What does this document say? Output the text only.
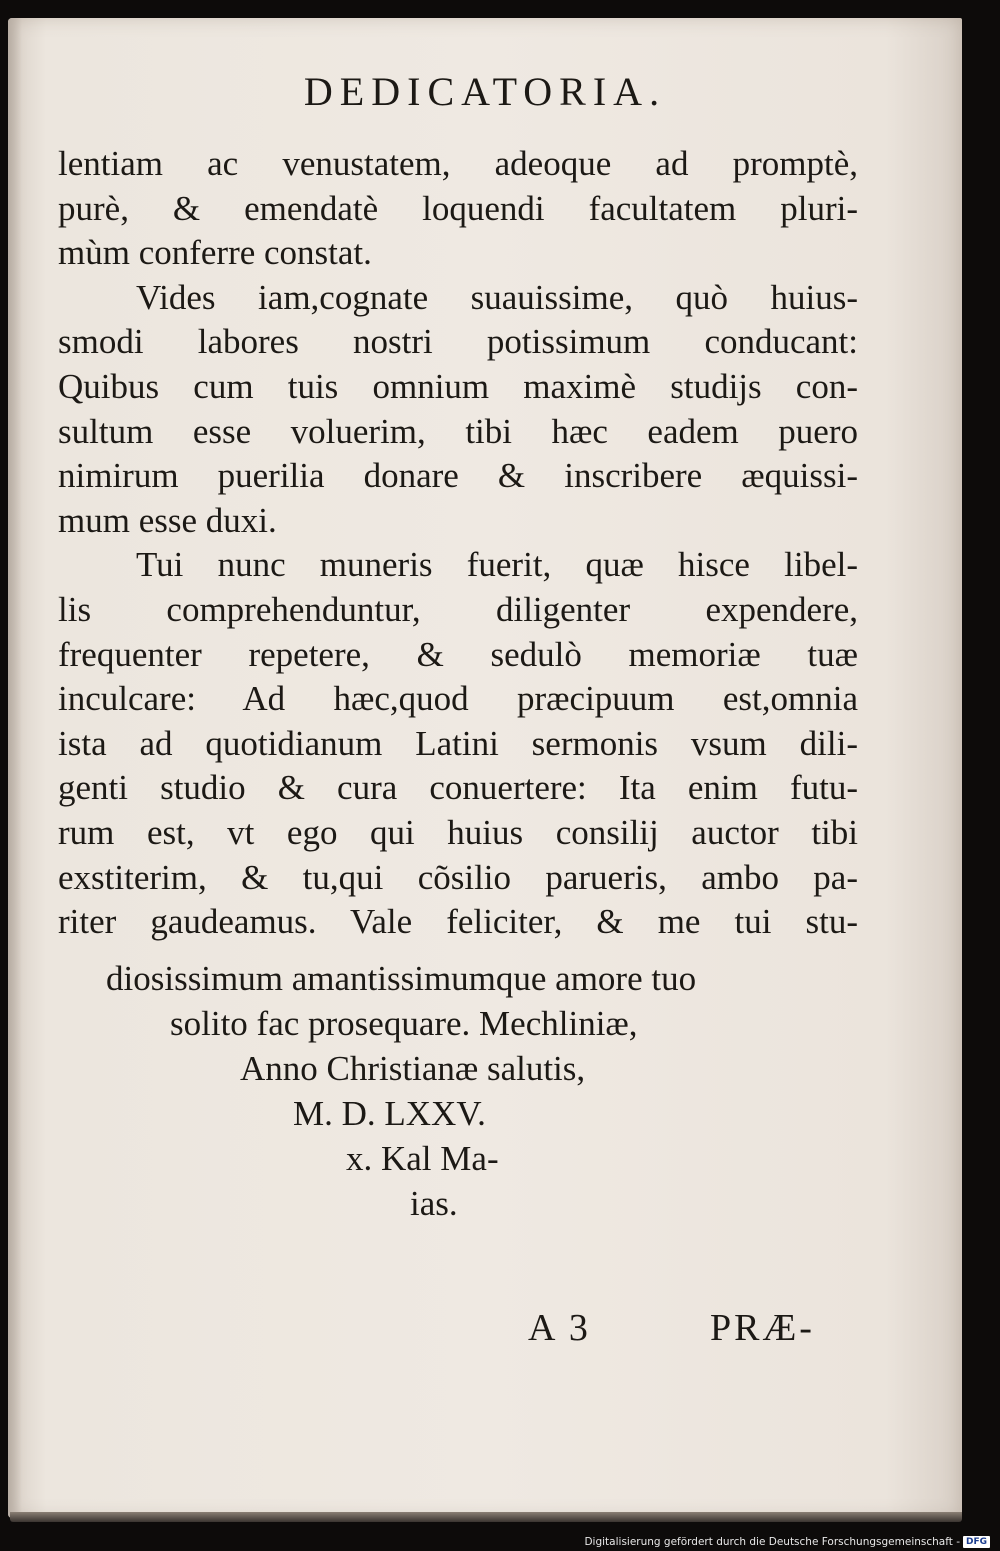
DEDICATORIA.
lentiam ac venustatem, adeoque ad promptè,
purè, & emendatè loquendi facultatem pluri-
mùm conferre constat.
Vides iam,cognate suauissime, quò huius-
smodi labores nostri potissimum conducant:
Quibus cum tuis omnium maximè studijs con-
sultum esse voluerim, tibi hæc eadem puero
nimirum puerilia donare & inscribere æquissi-
mum esse duxi.
Tui nunc muneris fuerit, quæ hisce libel-
lis comprehenduntur, diligenter expendere,
frequenter repetere, & sedulò memoriæ tuæ
inculcare: Ad hæc,quod præcipuum est,omnia
ista ad quotidianum Latini sermonis vsum dili-
genti studio & cura conuertere: Ita enim futu-
rum est, vt ego qui huius consilij auctor tibi
exstiterim, & tu,qui cõsilio parueris, ambo pa-
riter gaudeamus. Vale feliciter, & me tui stu-
diosissimum amantissimumque amore tuo
solito fac prosequare. Mechliniæ,
Anno Christianæ salutis,
M. D. LXXV.
x. Kal Ma-
ias.
A 3	PRÆ-
Digitalisierung gefördert durch die Deutsche Forschungsgemeinschaft - DFG
